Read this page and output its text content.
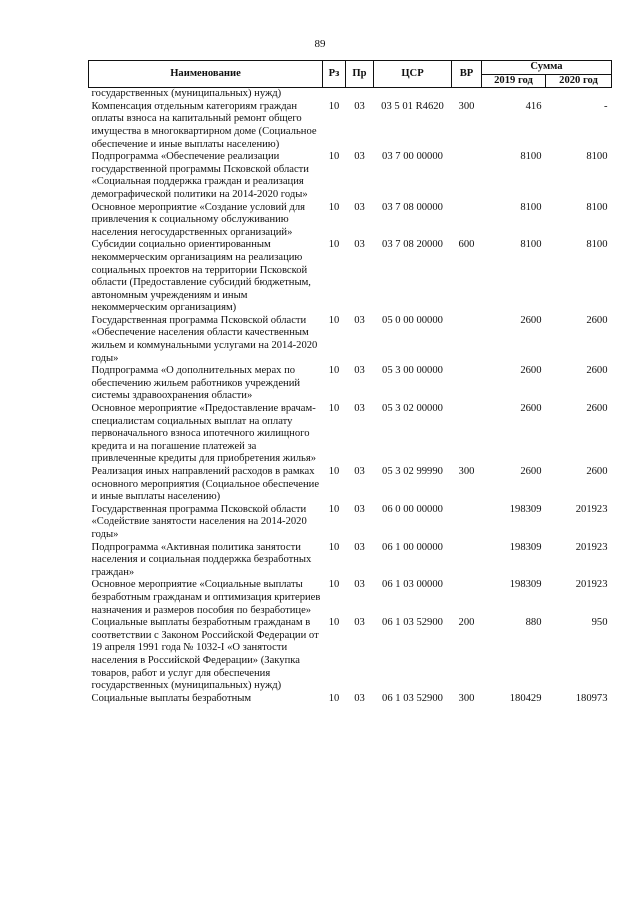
89
Наименование	Рз	Пр	ЦСР	ВР	Сумма	
					2019 год	2020 год
государственных (муниципальных) нужд)						
Компенсация отдельным категориям граждан оплаты взноса на капитальный ремонт общего имущества в многоквартирном доме (Социальное обеспечение и иные выплаты населению)	10	03	03 5 01 R4620	300	416	-
Подпрограмма «Обеспечение реализации государственной программы Псковской области «Социальная поддержка граждан и реализация демографической политики на 2014-2020 годы»	10	03	03 7 00 00000		8100	8100
Основное мероприятие «Создание условий для привлечения к социальному обслуживанию населения негосударственных организаций»	10	03	03 7 08 00000		8100	8100
Субсидии социально ориентированным некоммерческим организациям на реализацию социальных проектов на территории Псковской области (Предоставление субсидий бюджетным, автономным учреждениям и иным некоммерческим организациям)	10	03	03 7 08 20000	600	8100	8100
Государственная программа Псковской области «Обеспечение населения области качественным жильем и коммунальными услугами на 2014-2020 годы»	10	03	05 0 00 00000		2600	2600
Подпрограмма «О дополнительных мерах по обеспечению жильем работников учреждений системы здравоохранения области»	10	03	05 3 00 00000		2600	2600
Основное мероприятие «Предоставление врачам-специалистам социальных выплат на оплату первоначального взноса ипотечного жилищного кредита и на погашение платежей за привлеченные кредиты для приобретения жилья»	10	03	05 3 02 00000		2600	2600
Реализация иных направлений расходов в рамках основного мероприятия (Социальное обеспечение и иные выплаты населению)	10	03	05 3 02 99990	300	2600	2600
Государственная программа Псковской области «Содействие занятости населения на 2014-2020 годы»	10	03	06 0 00 00000		198309	201923
Подпрограмма «Активная политика занятости населения и социальная поддержка безработных граждан»	10	03	06 1 00 00000		198309	201923
Основное мероприятие «Социальные выплаты безработным гражданам и оптимизация критериев назначения и размеров пособия по безработице»	10	03	06 1 03 00000		198309	201923
Социальные выплаты безработным гражданам в соответствии с Законом Российской Федерации от 19 апреля 1991 года № 1032-I «О занятости населения в Российской Федерации» (Закупка товаров, работ и услуг для обеспечения государственных (муниципальных) нужд)	10	03	06 1 03 52900	200	880	950
Социальные выплаты безработным	10	03	06 1 03 52900	300	180429	180973
